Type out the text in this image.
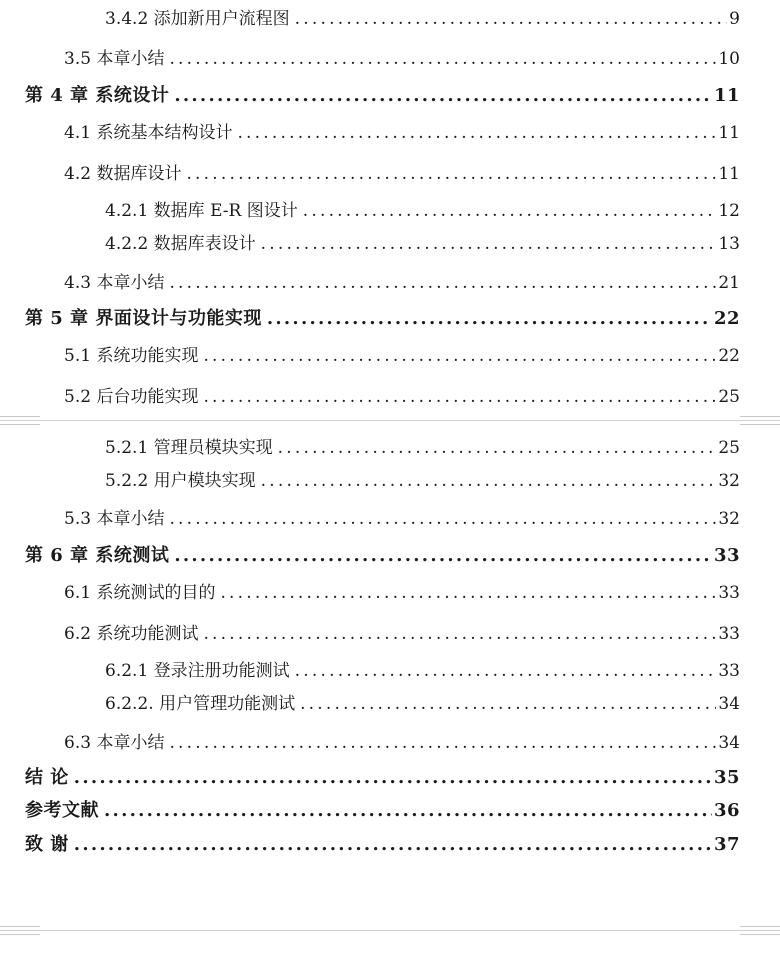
3.4.2 添加新用户流程图 . . .	9
3.5 本章小结 . . .	10
第 4 章 系统设计 . . .	11
4.1 系统基本结构设计 . . .	11
4.2 数据库设计 . . .	11
4.2.1 数据库 E-R 图设计 . . .	12
4.2.2 数据库表设计 . . .	13
4.3 本章小结 . . .	21
第 5 章 界面设计与功能实现 . . .	22
5.1 系统功能实现 . . .	22
5.2 后台功能实现 . . .	25
5.2.1 管理员模块实现 . . .	25
5.2.2 用户模块实现 . . .	32
5.3 本章小结 . . .	32
第 6 章 系统测试 . . .	33
6.1 系统测试的目的 . . .	33
6.2 系统功能测试 . . .	33
6.2.1 登录注册功能测试 . . .	33
6.2.2. 用户管理功能测试 . . .	34
6.3 本章小结 . . .	34
结 论 . . .	35
参考文献 . . .	36
致 谢 . . .	37
